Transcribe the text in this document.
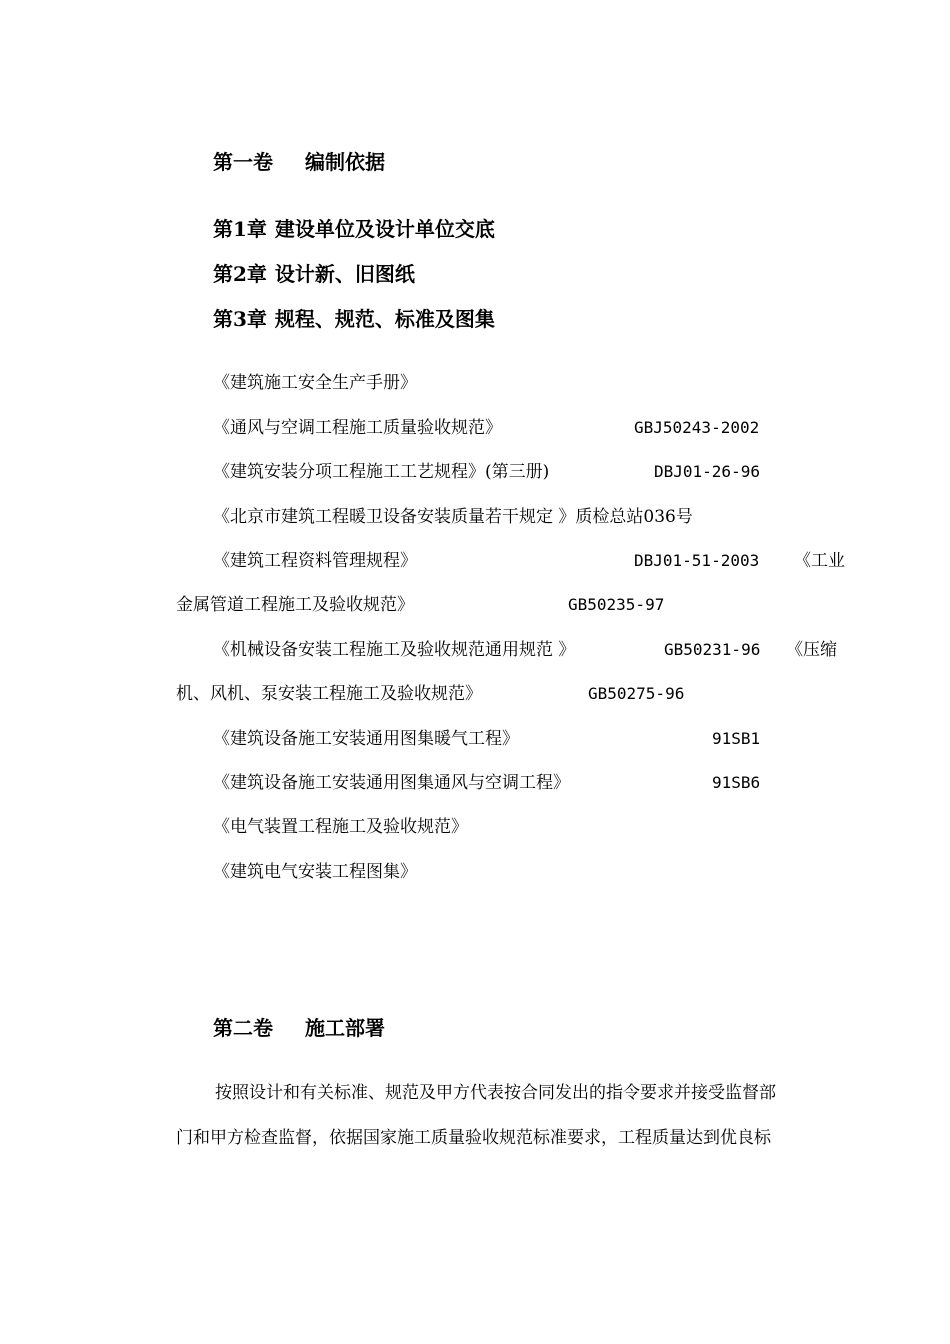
第一卷 编制依据
第1章 建设单位及设计单位交底
第2章 设计新、旧图纸
第3章 规程、规范、标准及图集
《建筑施工安全生产手册》
《通风与空调工程施工质量验收规范》	GBJ50243-2002
《建筑安装分项工程施工工艺规程》(第三册)	DBJ01-26-96
《北京市建筑工程暖卫设备安装质量若干规定 》质检总站036号
《建筑工程资料管理规程》	DBJ01-51-2003 《工业
金属管道工程施工及验收规范》	GB50235-97
《机械设备安装工程施工及验收规范通用规范 》	GB50231-96 《压缩
机、风机、泵安装工程施工及验收规范》	GB50275-96
《建筑设备施工安装通用图集暖气工程》	91SB1
《建筑设备施工安装通用图集通风与空调工程》	91SB6
《电气装置工程施工及验收规范》
《建筑电气安装工程图集》
第二卷 施工部署
按照设计和有关标准、规范及甲方代表按合同发出的指令要求并接受监督部
门和甲方检查监督，依据国家施工质量验收规范标准要求，工程质量达到优良标
